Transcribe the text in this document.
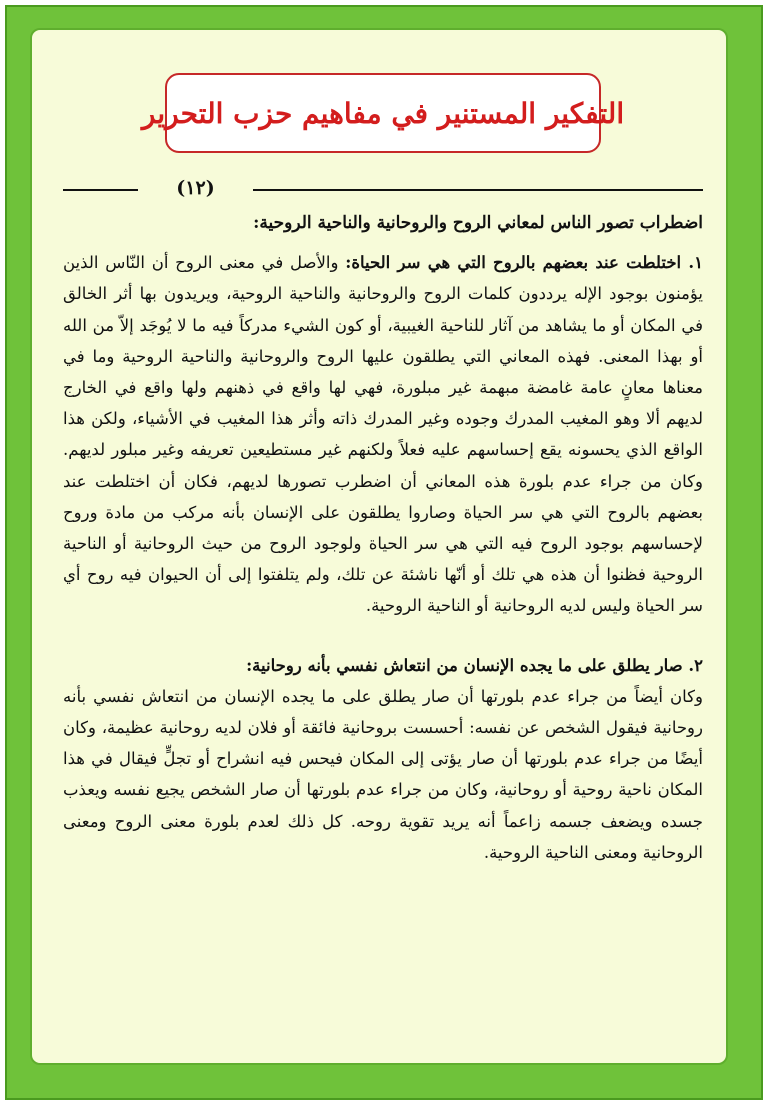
التفكير المستنير في مفاهيم حزب التحرير
(١٢)

اضطراب تصور الناس لمعاني الروح والروحانية والناحية الروحية:

١. اختلطت عند بعضهم بالروح التي هي سر الحياة: والأصل في معنى الروح أن النّاس الذين يؤمنون بوجود الإله يرددون كلمات الروح والروحانية والناحية الروحية، ويريدون بها أثر الخالق في المكان أو ما يشاهد من آثار للناحية الغيبية، أو كون الشيء مدركاً فيه ما لا يُوجَد إلاّ من الله أو بهذا المعنى. فهذه المعاني التي يطلقون عليها الروح والروحانية والناحية الروحية وما في معناها معانٍ عامة غامضة مبهمة غير مبلورة، فهي لها واقع في ذهنهم ولها واقع في الخارج لديهم ألا وهو المغيب المدرك وجوده وغير المدرك ذاته وأثر هذا المغيب في الأشياء، ولكن هذا الواقع الذي يحسونه يقع إحساسهم عليه فعلاً ولكنهم غير مستطيعين تعريفه وغير مبلور لديهم. وكان من جراء عدم بلورة هذه المعاني أن اضطرب تصورها لديهم، فكان أن اختلطت عند بعضهم بالروح التي هي سر الحياة وصاروا يطلقون على الإنسان بأنه مركب من مادة وروح لإحساسهم بوجود الروح فيه التي هي سر الحياة ولوجود الروح من حيث الروحانية أو الناحية الروحية فظنوا أن هذه هي تلك أو أنّها ناشئة عن تلك، ولم يتلفتوا إلى أن الحيوان فيه روح أي سر الحياة وليس لديه الروحانية أو الناحية الروحية.

٢. صار يطلق على ما يجده الإنسان من انتعاش نفسي بأنه روحانية:

وكان أيضاً من جراء عدم بلورتها أن صار يطلق على ما يجده الإنسان من انتعاش نفسي بأنه روحانية فيقول الشخص عن نفسه: أحسست بروحانية فائقة أو فلان لديه روحانية عظيمة، وكان أيضًا من جراء عدم بلورتها أن صار يؤتى إلى المكان فيحس فيه انشراح أو تجلٍّ فيقال في هذا المكان ناحية روحية أو روحانية، وكان من جراء عدم بلورتها أن صار الشخص يجيع نفسه ويعذب جسده ويضعف جسمه زاعماً أنه يريد تقوية روحه. كل ذلك لعدم بلورة معنى الروح ومعنى الروحانية ومعنى الناحية الروحية.
